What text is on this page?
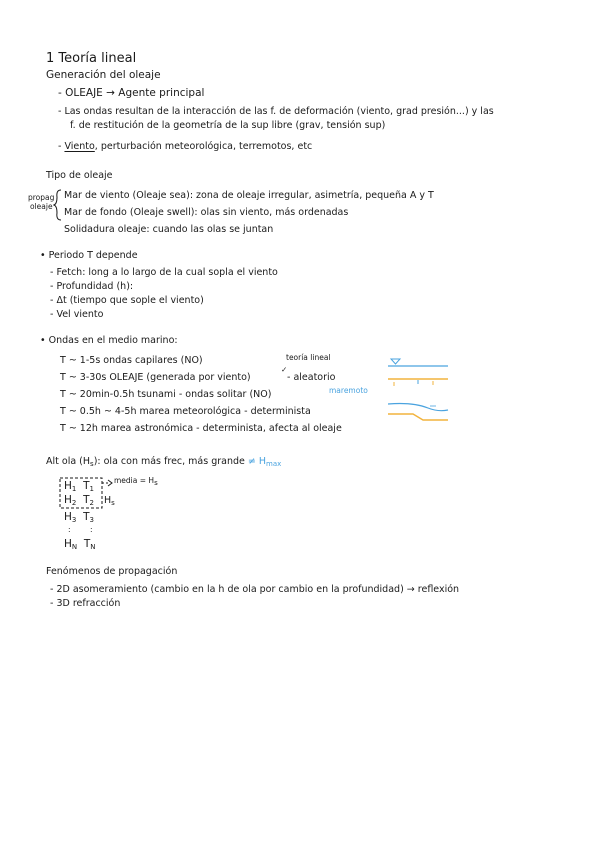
1 Teoría lineal
Generación del oleaje
- OLEAJE → Agente principal
- Las ondas resultan de la interacción de las f. de deformación (viento, grad presión...) y las
f. de restitución de la geometría de la sup libre (grav, tensión sup)
- Viento, perturbación meteorológica, terremotos, etc
Tipo de oleaje
propag
oleaje
Mar de viento (Oleaje sea): zona de oleaje irregular, asimetría, pequeña A y T
Mar de fondo (Oleaje swell): olas sin viento, más ordenadas
Solidadura oleaje: cuando las olas se juntan
• Periodo T depende
- Fetch: long a lo largo de la cual sopla el viento
- Profundidad (h):
- Δt (tiempo que sople el viento)
- Vel viento
• Ondas en el medio marino:
T ~ 1-5s ondas capilares (NO)
T ~ 3-30s OLEAJE (generada por viento)
T ~ 20min-0.5h tsunami - ondas solitar (NO)
T ~ 0.5h ~ 4-5h marea meteorológica - determinista
T ~ 12h marea astronómica - determinista, afecta al oleaje
teoría lineal
✓
- aleatorio
maremoto
Alt ola $(H_s)$: ola con más frec, más grande ≠ $H_{max}$
media = Hs
$H_s$
$H_1$ $T_1$
$H_2$ $T_2$
$H_3$ $T_3$
:	:
$H_N$ $T_N$
Fenómenos de propagación
- 2D asomeramiento (cambio en la h de ola por cambio en la profundidad) → reflexión
- 3D refracción
